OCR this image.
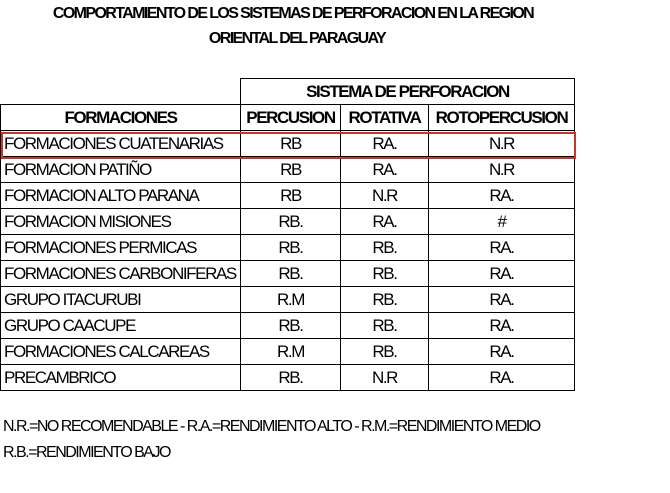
COMPORTAMIENTO DE LOS SISTEMAS DE PERFORACION EN LA REGION
ORIENTAL DEL PARAGUAY
	SISTEMA DE PERFORACION		
FORMACIONES	PERCUSION	ROTATIVA	ROTOPERCUSION
FORMACIONES CUATENARIAS	RB	RA.	N.R
FORMACION PATIÑO	RB	RA.	N.R
FORMACION ALTO PARANA	RB	N.R	RA.
FORMACION MISIONES	RB.	RA.	#
FORMACIONES PERMICAS	RB.	RB.	RA.
FORMACIONES CARBONIFERAS	RB.	RB.	RA.
GRUPO ITACURUBI	R.M	RB.	RA.
GRUPO CAACUPE	RB.	RB.	RA.
FORMACIONES CALCAREAS	R.M	RB.	RA.
PRECAMBRICO	RB.	N.R	RA.
N.R.=NO RECOMENDABLE - R.A.=RENDIMIENTO ALTO - R.M.=RENDIMIENTO MEDIO
R.B.=RENDIMIENTO BAJO
